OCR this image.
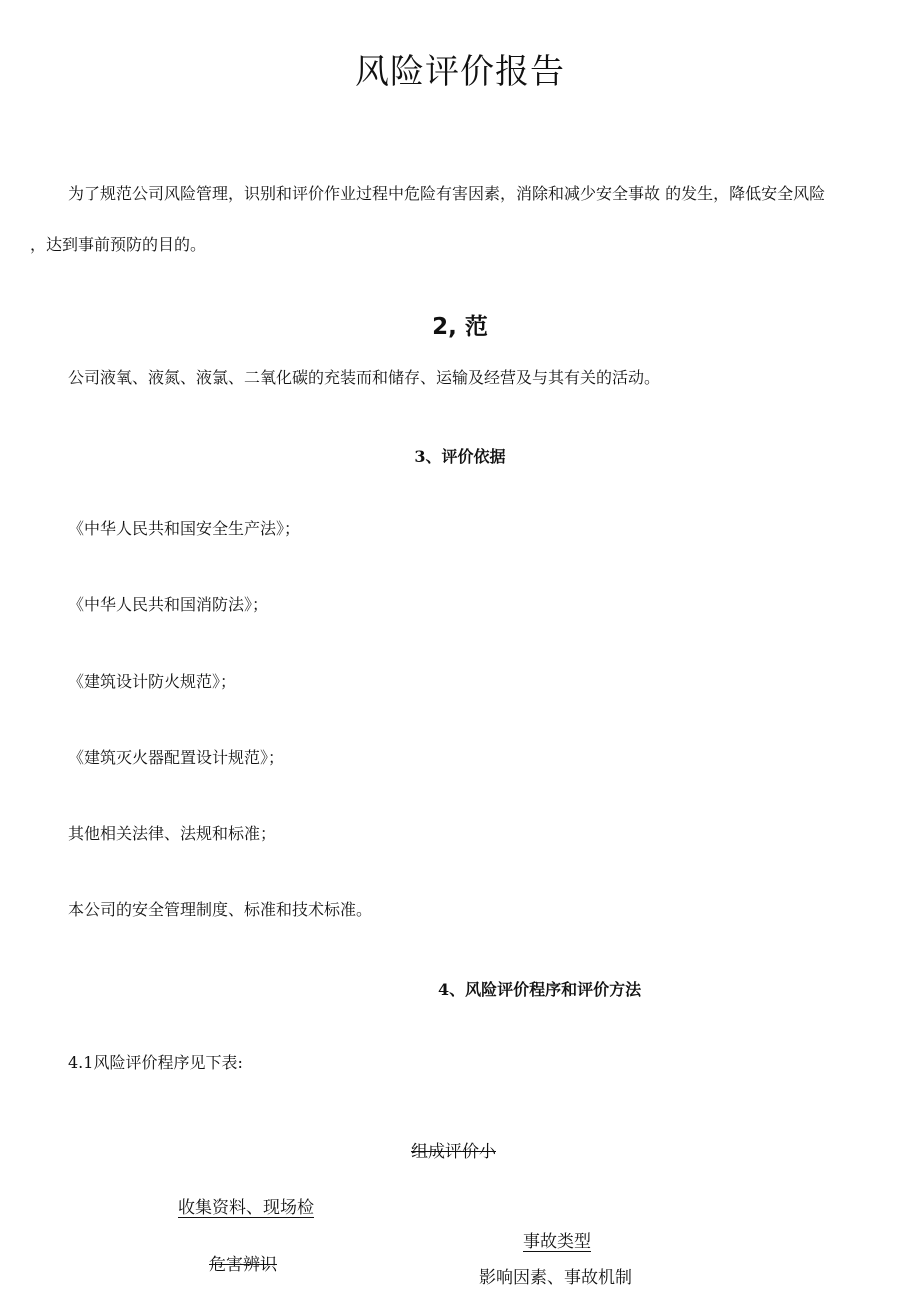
风险评价报告
为了规范公司风险管理，识别和评价作业过程中危险有害因素，消除和减少安全事故 的发生，降低安全风险
，达到事前预防的目的。
2, 范
公司液氧、液氮、液氯、二氧化碳的充装而和储存、运输及经营及与其有关的活动。
3、评价依据
《中华人民共和国安全生产法》；
《中华人民共和国消防法》；
《建筑设计防火规范》；
《建筑灭火器配置设计规范》；
其他相关法律、法规和标准；
本公司的安全管理制度、标准和技术标准。
4、风险评价程序和评价方法
4.1风险评价程序见下表:
组成评价小
收集资料、现场检
事故类型
危害辨识
影响因素、事故机制
